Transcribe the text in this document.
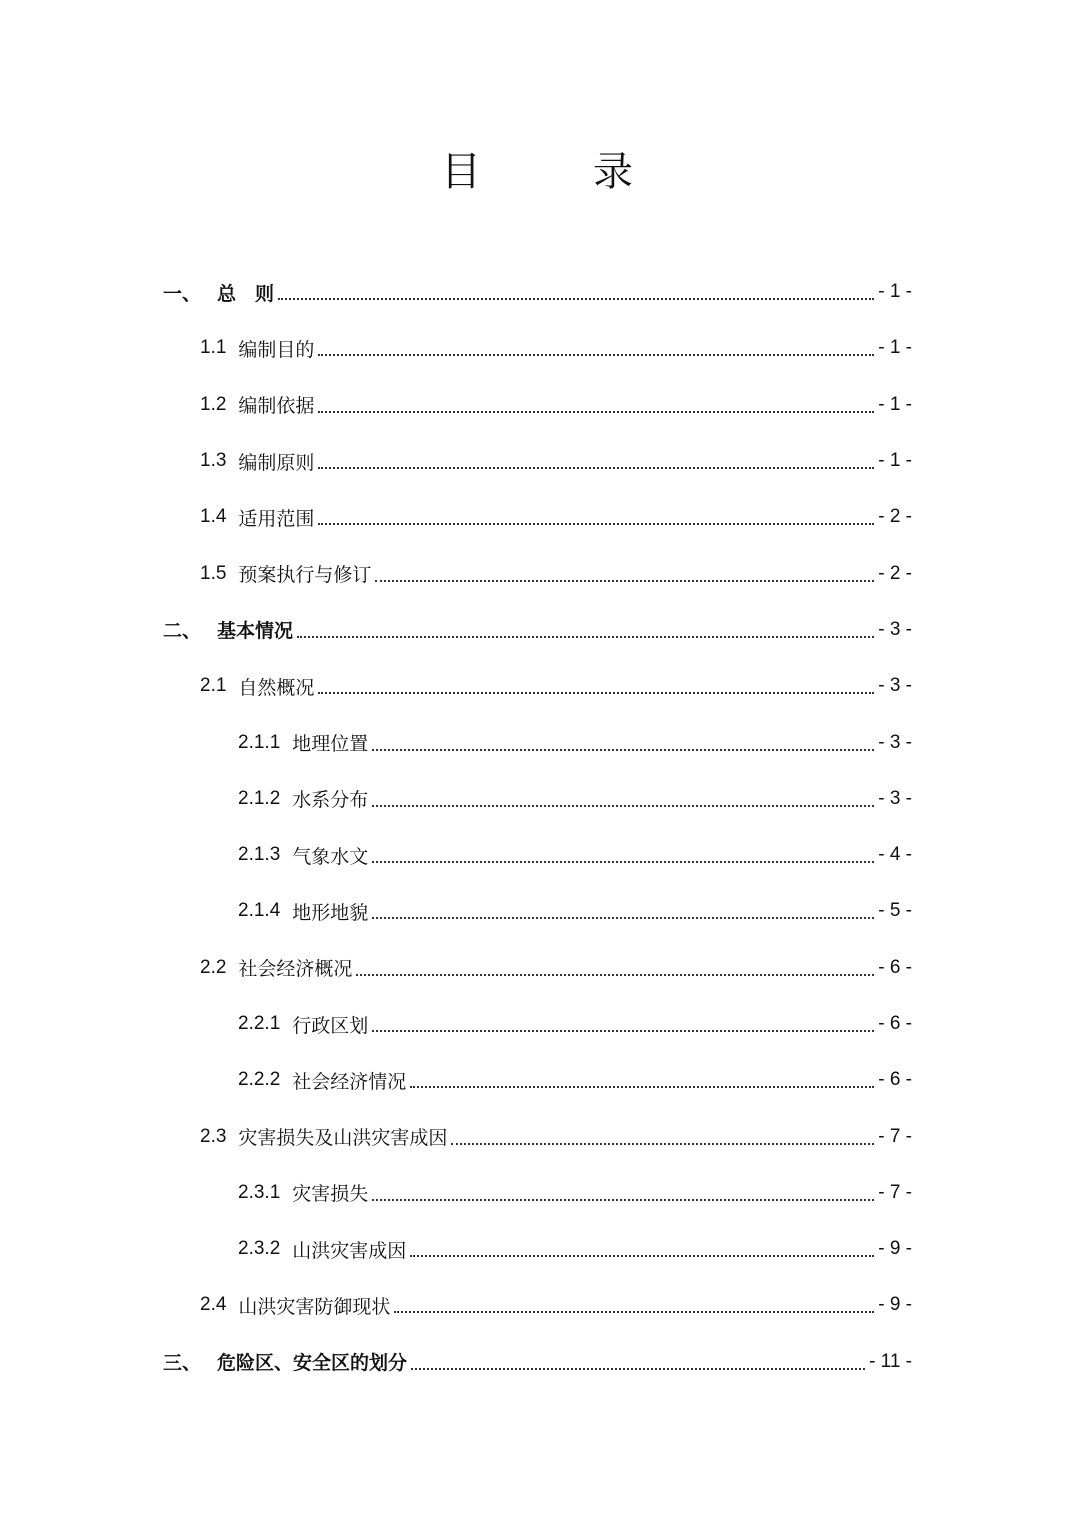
目　录
一、 总　则	- 1 -
1.1 编制目的	- 1 -
1.2 编制依据	- 1 -
1.3 编制原则	- 1 -
1.4 适用范围	- 2 -
1.5 预案执行与修订	- 2 -
二、 基本情况	- 3 -
2.1 自然概况	- 3 -
2.1.1 地理位置	- 3 -
2.1.2 水系分布	- 3 -
2.1.3 气象水文	- 4 -
2.1.4 地形地貌	- 5 -
2.2 社会经济概况	- 6 -
2.2.1 行政区划	- 6 -
2.2.2 社会经济情况	- 6 -
2.3 灾害损失及山洪灾害成因	- 7 -
2.3.1 灾害损失	- 7 -
2.3.2 山洪灾害成因	- 9 -
2.4 山洪灾害防御现状	- 9 -
三、 危险区、安全区的划分	- 11 -
